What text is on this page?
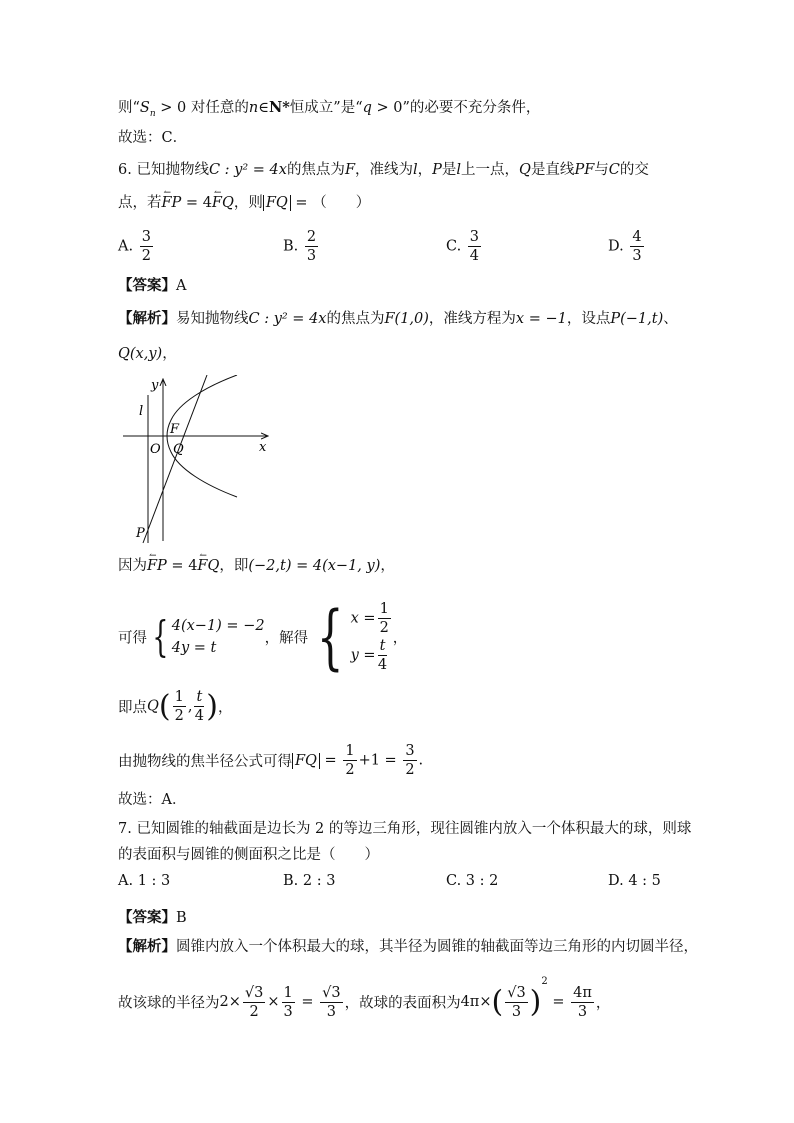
则“$S_n > 0$ 对任意的n∈N*恒成立”是“q > 0”的必要不充分条件，
故选：C．
6. 已知抛物线C : y² = 4x的焦点为F，准线为l，P是l上一点，Q是直线PF与C的交
点，若↼ FP = 4↼ FQ，则 FQ = （　　）
A. $\frac{3}{2}$	B. $\frac{2}{3}$	C. $\frac{3}{4}$	D. $\frac{4}{3}$
【答案】A
【解析】易知抛物线C : y² = 4x的焦点为F(1,0)，准线方程为x = −1，设点P(−1,t)、
Q(x,y)，
y
l
F
O Q	x
P
因为↼ FP = 4↼ FQ，即(−2,t) = 4(x−1, y)，
可得 { 4(x−1) = −2
4y = t，解得 { $x = \frac{1}{2}$
$y = \frac{t}{4}$ ，
即点$Q( \frac{1}{2}$ , $\frac{t}{4}$ )，
由抛物线的焦半径公式可得 FQ = $\frac{1}{2} +1 = \frac{3}{2}$ .
故选：A．
7. 已知圆锥的轴截面是边长为 2 的等边三角形，现往圆锥内放入一个体积最大的球，则球
的表面积与圆锥的侧面积之比是（　　）
A. 1 : 3	B. 2 : 3	C. 3 : 2	D. 4 : 5
【答案】B
【解析】圆锥内放入一个体积最大的球，其半径为圆锥的轴截面等边三角形的内切圆半径，
故该球的半径为$2\times \frac{√3}{2} \times \frac{1}{3} = \frac{√3}{3}$ ，故球的表面积为$4\pi\times( \frac{√3}{3} )^2 = \frac{4\pi}{3}$ ，
